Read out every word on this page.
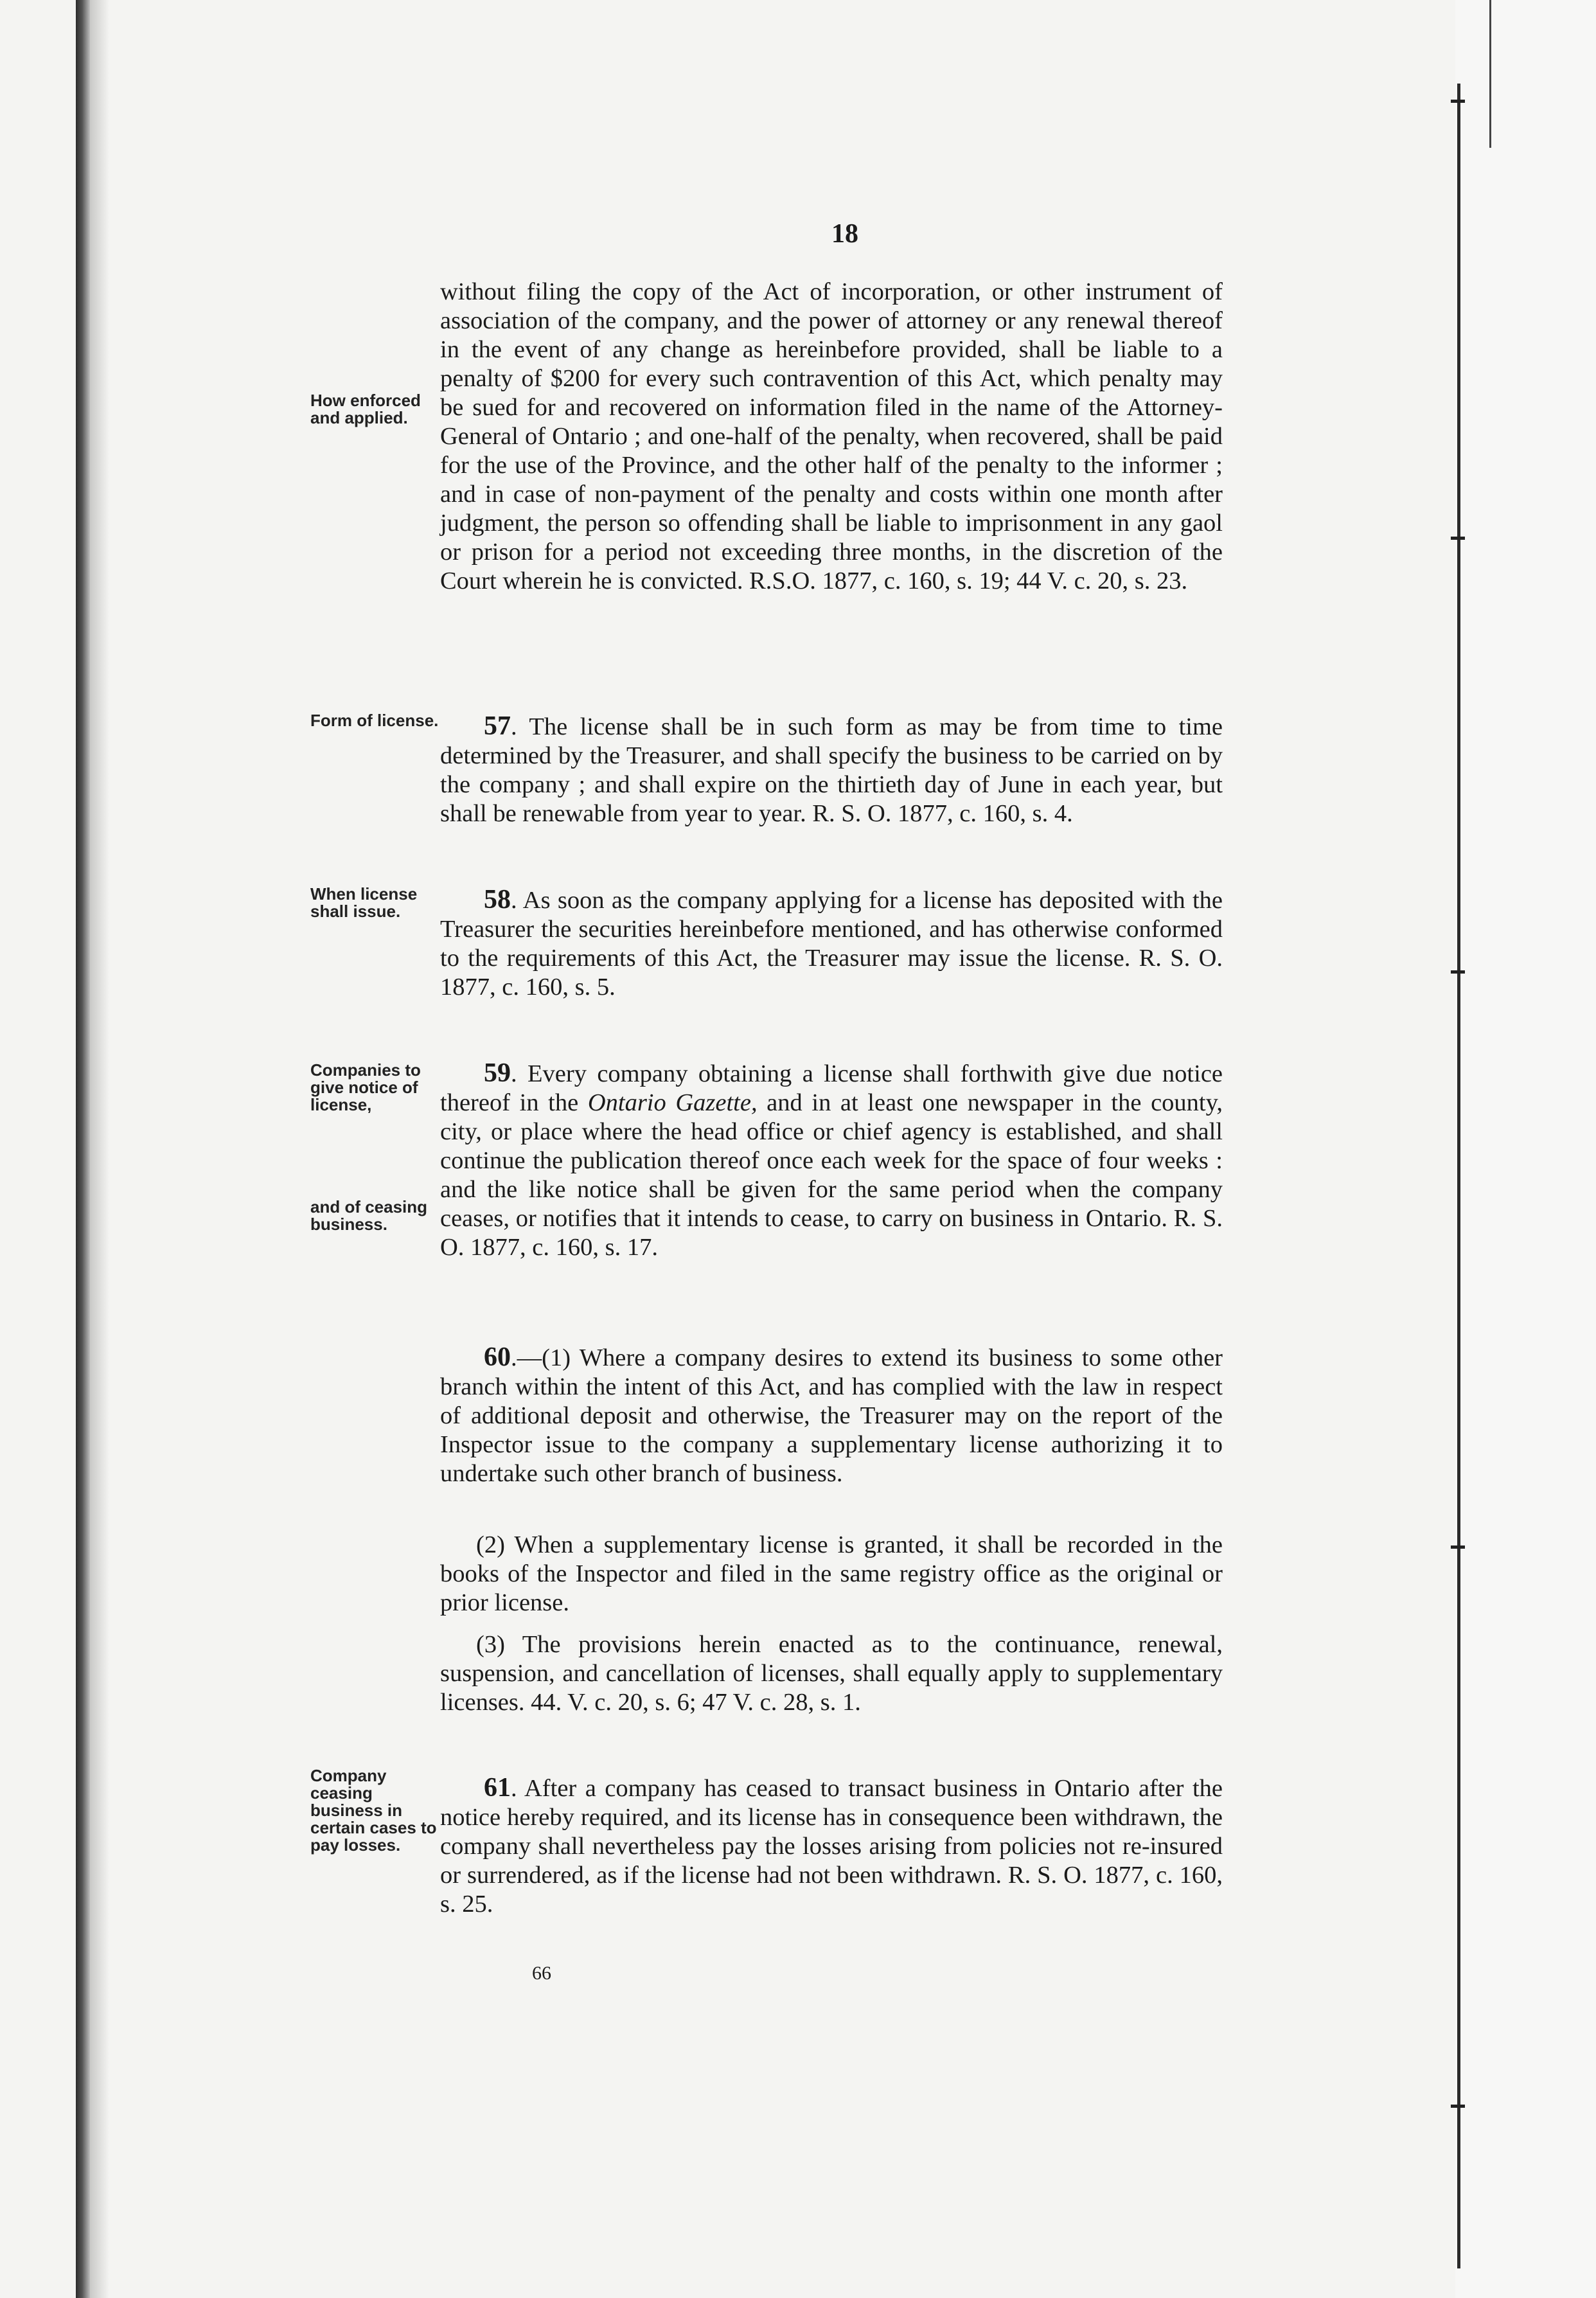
18

without filing the copy of the Act of incorporation, or other instrument of association of the company, and the power of attorney or any renewal thereof in the event of any change as hereinbefore provided, shall be liable to a penalty of $200 for every such contravention of this Act, which penalty may be sued for and recovered on information filed in the name of the Attorney-General of Ontario ; and one-half of the penalty, when recovered, shall be paid for the use of the Province, and the other half of the penalty to the informer ; and in case of non-payment of the penalty and costs within one month after judgment, the person so offending shall be liable to imprisonment in any gaol or prison for a period not exceeding three months, in the discretion of the Court wherein he is convicted. R.S.O. 1877, c. 160, s. 19; 44 V. c. 20, s. 23.

How enforced and applied.

57. The license shall be in such form as may be from time to time determined by the Treasurer, and shall specify the business to be carried on by the company ; and shall expire on the thirtieth day of June in each year, but shall be renewable from year to year. R. S. O. 1877, c. 160, s. 4.

Form of license.

58. As soon as the company applying for a license has deposited with the Treasurer the securities hereinbefore mentioned, and has otherwise conformed to the requirements of this Act, the Treasurer may issue the license. R. S. O. 1877, c. 160, s. 5.

When license shall issue.

59. Every company obtaining a license shall forthwith give due notice thereof in the Ontario Gazette, and in at least one newspaper in the county, city, or place where the head office or chief agency is established, and shall continue the publication thereof once each week for the space of four weeks : and the like notice shall be given for the same period when the company ceases, or notifies that it intends to cease, to carry on business in Ontario. R. S. O. 1877, c. 160, s. 17.

Companies to give notice of license,
and of ceasing business.

60.—(1) Where a company desires to extend its business to some other branch within the intent of this Act, and has complied with the law in respect of additional deposit and otherwise, the Treasurer may on the report of the Inspector issue to the company a supplementary license authorizing it to undertake such other branch of business.

(2) When a supplementary license is granted, it shall be recorded in the books of the Inspector and filed in the same registry office as the original or prior license.

(3) The provisions herein enacted as to the continuance, renewal, suspension, and cancellation of licenses, shall equally apply to supplementary licenses. 44. V. c. 20, s. 6; 47 V. c. 28, s. 1.

61. After a company has ceased to transact business in Ontario after the notice hereby required, and its license has in consequence been withdrawn, the company shall nevertheless pay the losses arising from policies not re-insured or surrendered, as if the license had not been withdrawn. R. S. O. 1877, c. 160, s. 25.

Company ceasing business in certain cases to pay losses.
66
